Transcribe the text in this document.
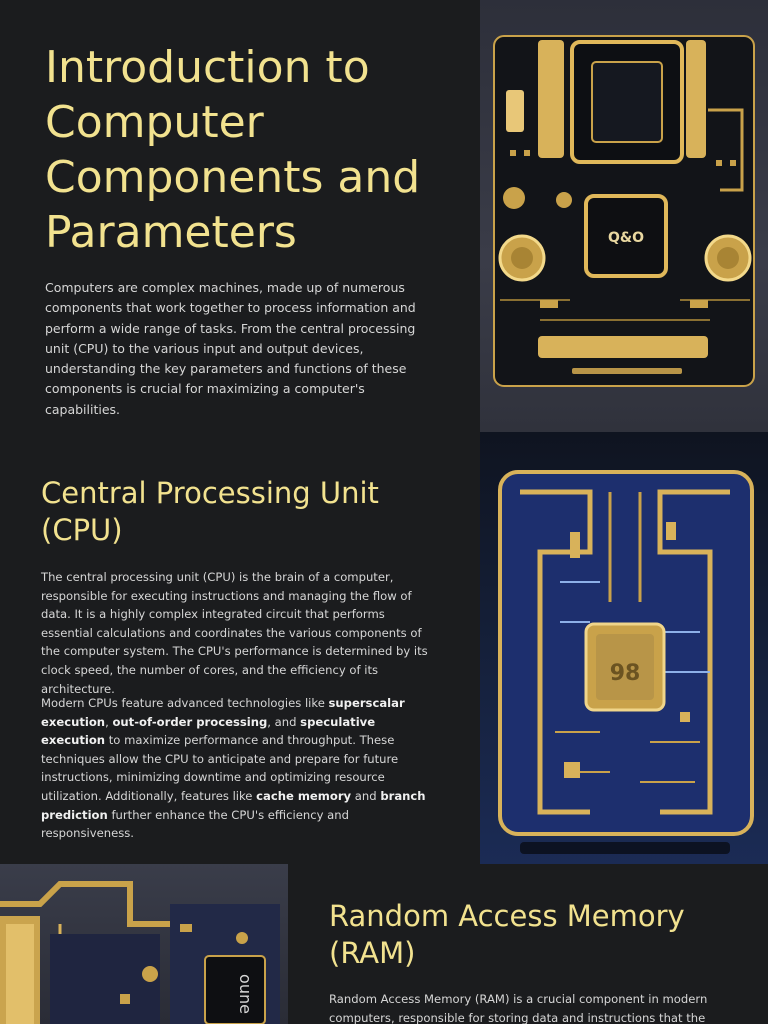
Introduction to Computer Components and Parameters

Computers are complex machines, made up of numerous components that work together to process information and perform a wide range of tasks. From the central processing unit (CPU) to the various input and output devices, understanding the key parameters and functions of these components is crucial for maximizing a computer's capabilities.

Q&O
Central Processing Unit (CPU)

The central processing unit (CPU) is the brain of a computer, responsible for executing instructions and managing the flow of data. It is a highly complex integrated circuit that performs essential calculations and coordinates the various components of the computer system. The CPU's performance is determined by its clock speed, the number of cores, and the efficiency of its architecture.

Modern CPUs feature advanced technologies like superscalar execution, out-of-order processing, and speculative execution to maximize performance and throughput. These techniques allow the CPU to anticipate and prepare for future instructions, minimizing downtime and optimizing resource utilization. Additionally, features like cache memory and branch prediction further enhance the CPU's efficiency and responsiveness.

98
oune
Random Access Memory (RAM)

Random Access Memory (RAM) is a crucial component in modern computers, responsible for storing data and instructions that the
